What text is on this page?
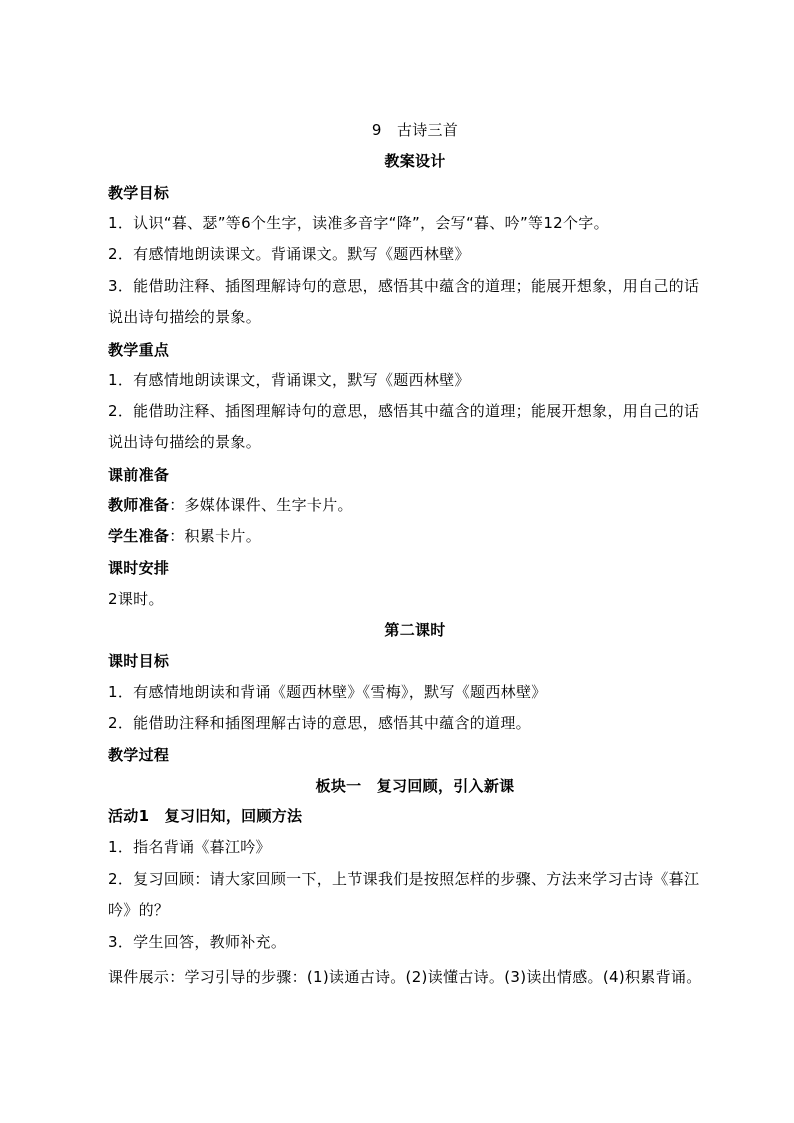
9　古诗三首
教案设计
教学目标
1．认识“暮、瑟”等6个生字，读准多音字“降”，会写“暮、吟”等12个字。
2．有感情地朗读课文。背诵课文。默写《题西林壁》
3．能借助注释、插图理解诗句的意思，感悟其中蕴含的道理；能展开想象，用自己的话
说出诗句描绘的景象。
教学重点
1．有感情地朗读课文，背诵课文，默写《题西林壁》
2．能借助注释、插图理解诗句的意思，感悟其中蕴含的道理；能展开想象，用自己的话
说出诗句描绘的景象。
课前准备
教师准备：多媒体课件、生字卡片。
学生准备：积累卡片。
课时安排
2课时。
第二课时
课时目标
1．有感情地朗读和背诵《题西林壁》《雪梅》，默写《题西林壁》
2．能借助注释和插图理解古诗的意思，感悟其中蕴含的道理。
教学过程
板块一　复习回顾，引入新课
活动1　复习旧知，回顾方法
1．指名背诵《暮江吟》
2．复习回顾：请大家回顾一下，上节课我们是按照怎样的步骤、方法来学习古诗《暮江
吟》的？
3．学生回答，教师补充。
课件展示：学习引导的步骤：(1)读通古诗。(2)读懂古诗。(3)读出情感。(4)积累背诵。
